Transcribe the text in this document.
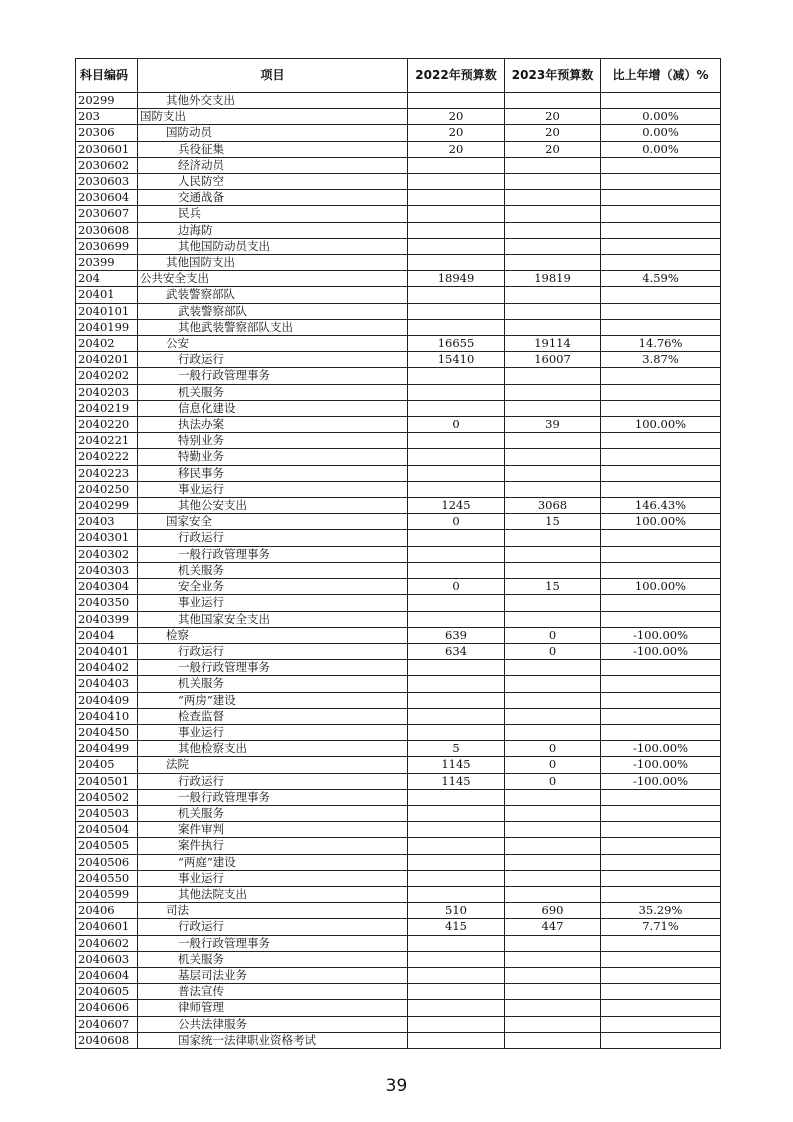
科目编码	项目	2022年预算数	2023年预算数	比上年增（减）%
20299	其他外交支出			
203	国防支出	20	20	0.00%
20306	国防动员	20	20	0.00%
2030601	兵役征集	20	20	0.00%
2030602	经济动员			
2030603	人民防空			
2030604	交通战备			
2030607	民兵			
2030608	边海防			
2030699	其他国防动员支出			
20399	其他国防支出			
204	公共安全支出	18949	19819	4.59%
20401	武装警察部队			
2040101	武装警察部队			
2040199	其他武装警察部队支出			
20402	公安	16655	19114	14.76%
2040201	行政运行	15410	16007	3.87%
2040202	一般行政管理事务			
2040203	机关服务			
2040219	信息化建设			
2040220	执法办案	0	39	100.00%
2040221	特别业务			
2040222	特勤业务			
2040223	移民事务			
2040250	事业运行			
2040299	其他公安支出	1245	3068	146.43%
20403	国家安全	0	15	100.00%
2040301	行政运行			
2040302	一般行政管理事务			
2040303	机关服务			
2040304	安全业务	0	15	100.00%
2040350	事业运行			
2040399	其他国家安全支出			
20404	检察	639	0	-100.00%
2040401	行政运行	634	0	-100.00%
2040402	一般行政管理事务			
2040403	机关服务			
2040409	“两房”建设			
2040410	检查监督			
2040450	事业运行			
2040499	其他检察支出	5	0	-100.00%
20405	法院	1145	0	-100.00%
2040501	行政运行	1145	0	-100.00%
2040502	一般行政管理事务			
2040503	机关服务			
2040504	案件审判			
2040505	案件执行			
2040506	“两庭”建设			
2040550	事业运行			
2040599	其他法院支出			
20406	司法	510	690	35.29%
2040601	行政运行	415	447	7.71%
2040602	一般行政管理事务			
2040603	机关服务			
2040604	基层司法业务			
2040605	普法宣传			
2040606	律师管理			
2040607	公共法律服务			
2040608	国家统一法律职业资格考试			
39
